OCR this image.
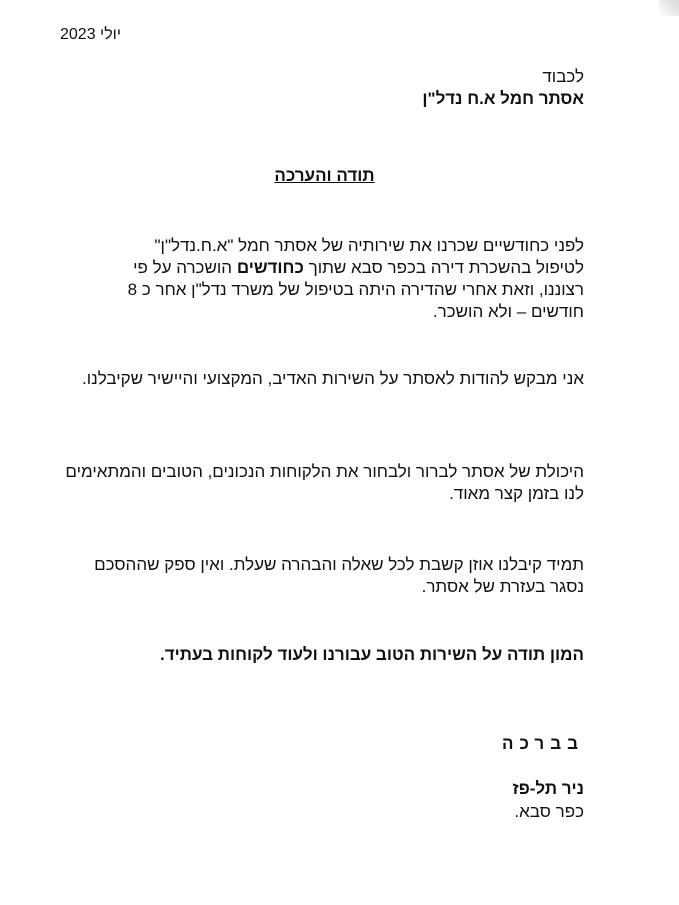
יולי 2023
לכבוד
אסתר חמל א.ח נדל"ן
תודה והערכה

לפני כחודשיים שכרנו את שירותיה של אסתר חמל "א.ח.נדל"ן"
לטיפול בהשכרת דירה בכפר סבא שתוך כחודשים הושכרה על פי
רצוננו, וזאת אחרי שהדירה היתה בטיפול של משרד נדל"ן אחר כ 8
חודשים – ולא הושכר.

אני מבקש להודות לאסתר על השירות האדיב, המקצועי והיישיר שקיבלנו.

היכולת של אסתר לברור ולבחור את הלקוחות הנכונים, הטובים והמתאימים לנו בזמן קצר מאוד.

תמיד קיבלנו אוזן קשבת לכל שאלה והבהרה שעלת. ואין ספק שההסכם נסגר בעזרת של אסתר.

המון תודה על השירות הטוב עבורנו ולעוד לקוחות בעתיד.
בברכה
ניר תל-פז
כפר סבא.
